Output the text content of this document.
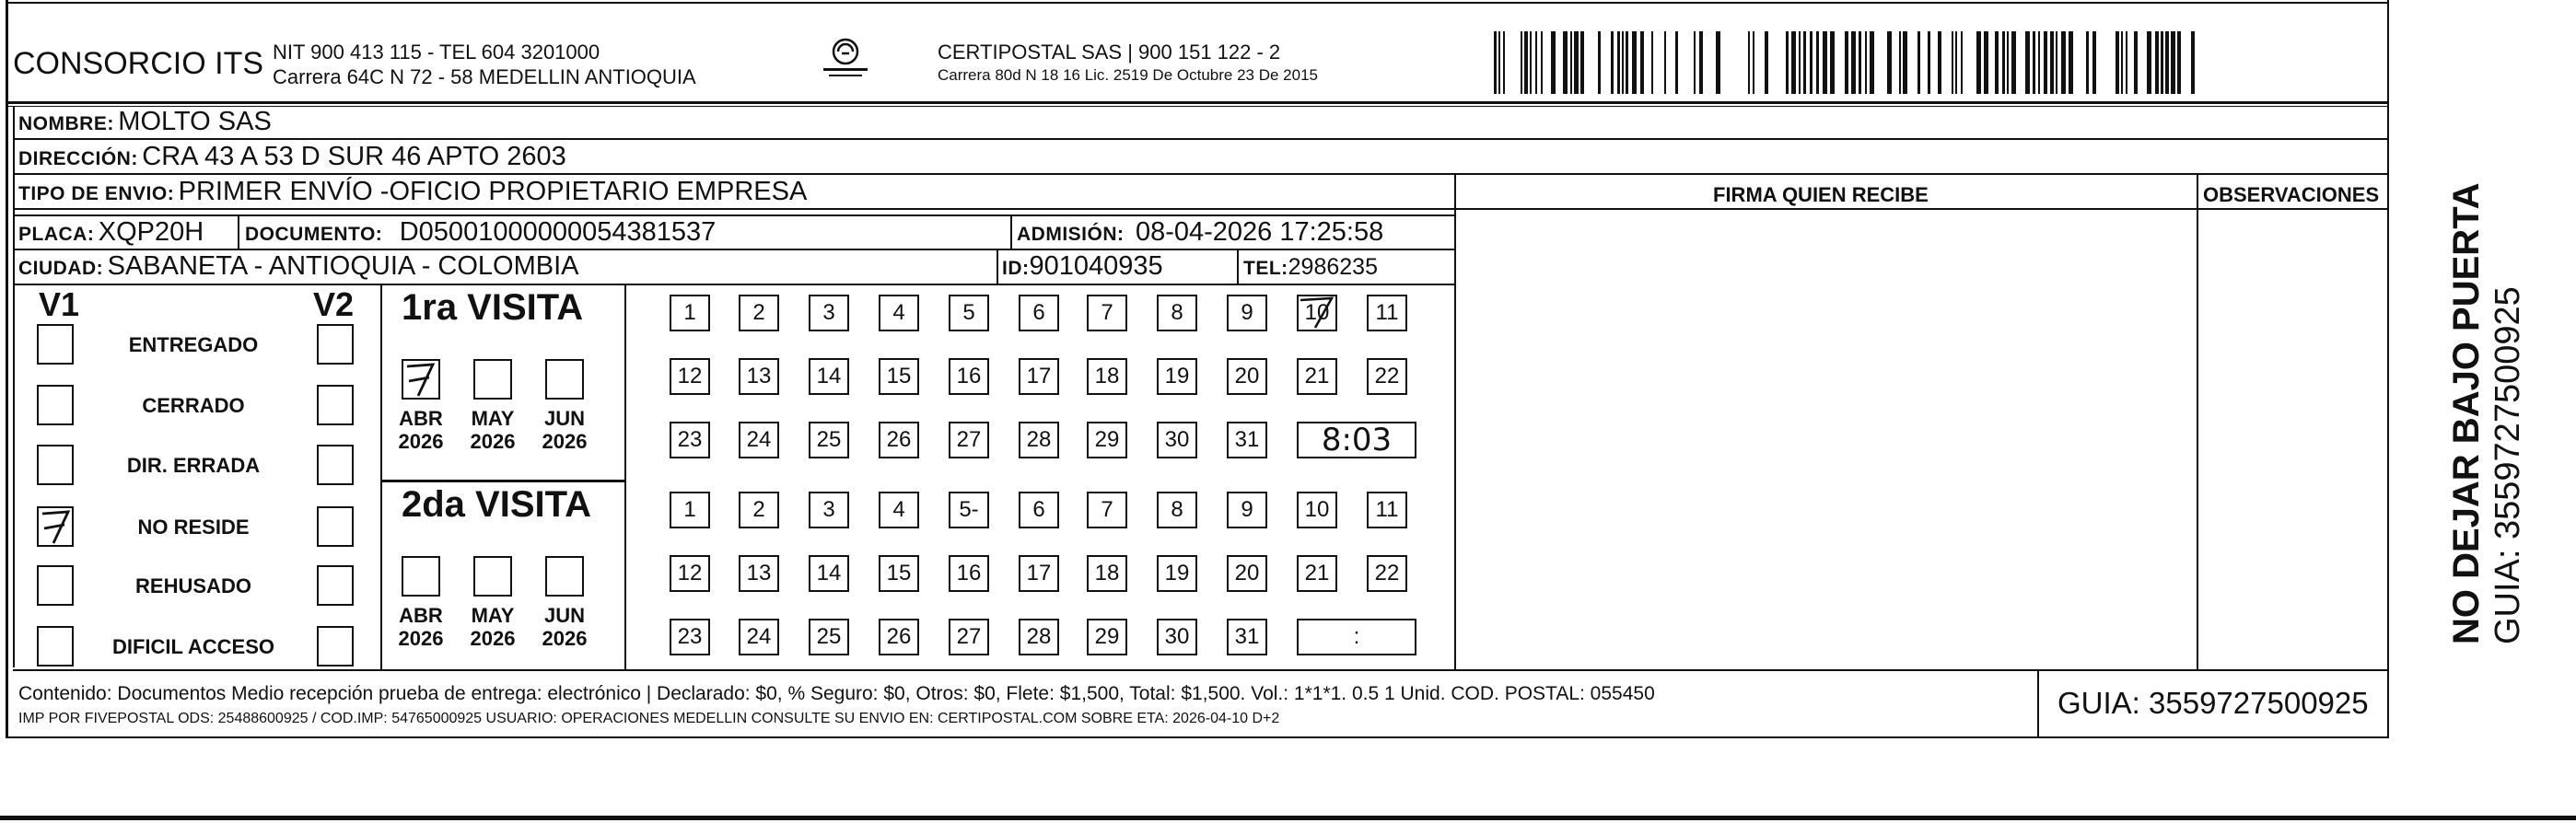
CONSORCIO ITS NIT 900 413 115 - TEL 604 3201000
Carrera 64C N 72 - 58 MEDELLIN ANTIOQUIA
CERTIPOSTAL SAS | 900 151 122 - 2
Carrera 80d N 18 16 Lic. 2519 De Octubre 23 De 2015
NOMBRE: MOLTO SAS
DIRECCIÓN: CRA 43 A 53 D SUR 46 APTO 2603
TIPO DE ENVIO: PRIMER ENVÍO -OFICIO PROPIETARIO EMPRESA	FIRMA QUIEN RECIBE	OBSERVACIONES
PLACA: XQP20H DOCUMENTO: D05001000000054381537	ADMISIÓN: 08-04-2026 17:25:58
CIUDAD: SABANETA - ANTIOQUIA - COLOMBIA	ID:901040935	TEL:2986235
V1	V2
ENTREGADO
CERRADO
DIR. ERRADA
NO RESIDE
REHUSADO
DIFICIL ACCESO
1ra VISITA
ABR
2026
MAY
2026
JUN
2026
1	2	3	4	5	6	7	8	9	10	11
12	13	14	15	16	17	18	19	20	21	22
23	24	25	26	27	28	29	30	31	8:03
2da VISITA
ABR
2026
MAY
2026
JUN
2026
1	2	3	4	5-	6	7	8	9	10	11
12	13	14	15	16	17	18	19	20	21	22
23	24	25	26	27	28	29	30	31	:
Contenido: Documentos Medio recepción prueba de entrega: electrónico | Declarado: $0, % Seguro: $0, Otros: $0, Flete: $1,500, Total: $1,500. Vol.: 1*1*1. 0.5 1 Unid. COD. POSTAL: 055450
IMP POR FIVEPOSTAL ODS: 25488600925 / COD.IMP: 54765000925 USUARIO: OPERACIONES MEDELLIN CONSULTE SU ENVIO EN: CERTIPOSTAL.COM SOBRE ETA: 2026-04-10 D+2	GUIA: 3559727500925
NO DEJAR BAJO PUERTA GUIA: 3559727500925
